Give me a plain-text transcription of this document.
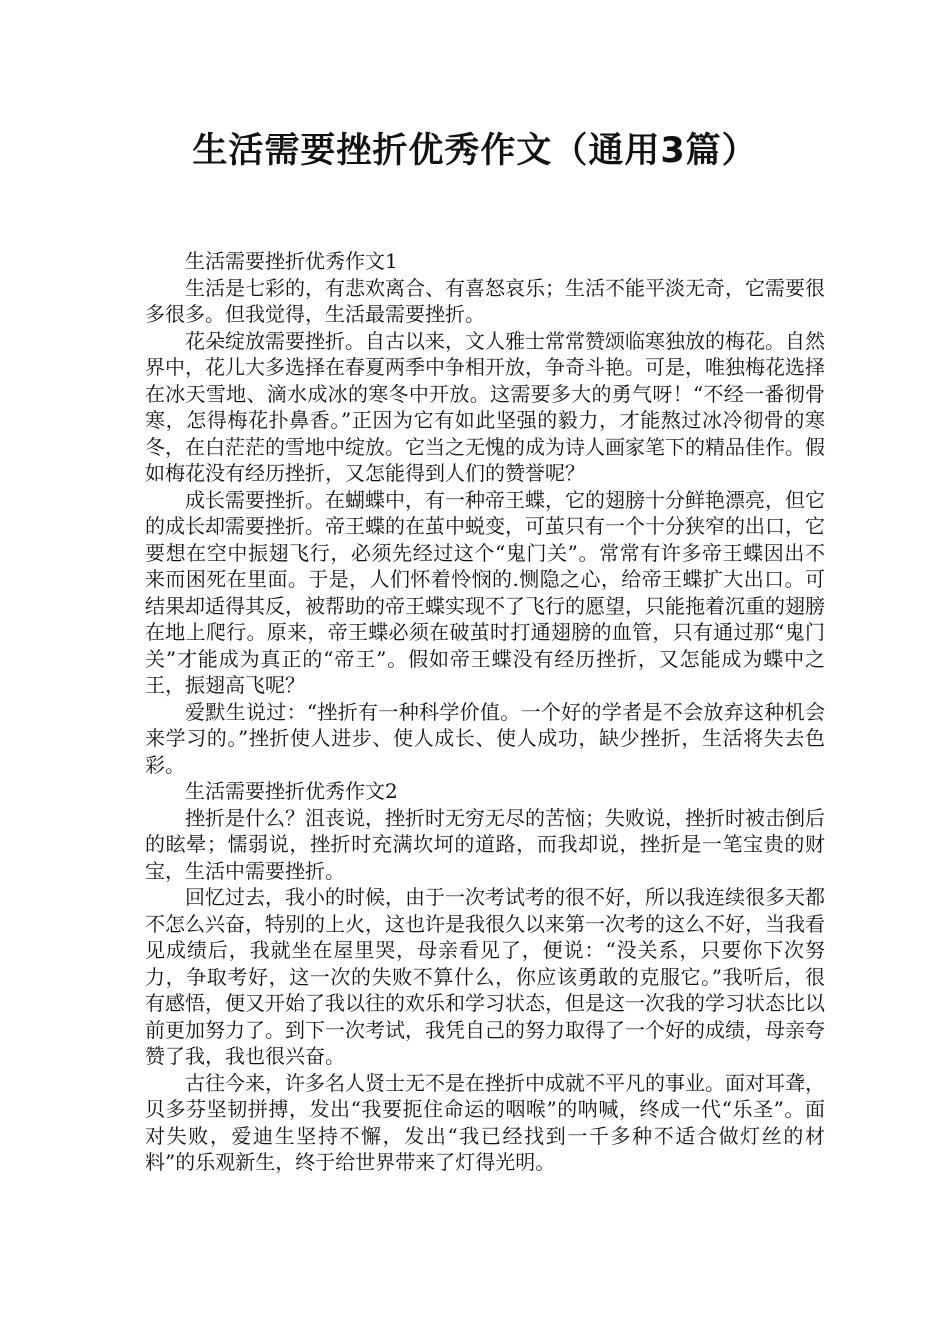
生活需要挫折优秀作文（通用3篇）

生活需要挫折优秀作文1

生活是七彩的，有悲欢离合、有喜怒哀乐；生活不能平淡无奇，它需要很多很多。但我觉得，生活最需要挫折。

花朵绽放需要挫折。自古以来，文人雅士常常赞颂临寒独放的梅花。自然界中，花儿大多选择在春夏两季中争相开放，争奇斗艳。可是，唯独梅花选择在冰天雪地、滴水成冰的寒冬中开放。这需要多大的勇气呀！“不经一番彻骨寒，怎得梅花扑鼻香。”正因为它有如此坚强的毅力，才能熬过冰冷彻骨的寒冬，在白茫茫的雪地中绽放。它当之无愧的成为诗人画家笔下的精品佳作。假如梅花没有经历挫折，又怎能得到人们的赞誉呢？

成长需要挫折。在蝴蝶中，有一种帝王蝶，它的翅膀十分鲜艳漂亮，但它的成长却需要挫折。帝王蝶的在茧中蜕变，可茧只有一个十分狭窄的出口，它要想在空中振翅飞行，必须先经过这个“鬼门关”。常常有许多帝王蝶因出不来而困死在里面。于是，人们怀着怜悯的.恻隐之心，给帝王蝶扩大出口。可结果却适得其反，被帮助的帝王蝶实现不了飞行的愿望，只能拖着沉重的翅膀在地上爬行。原来，帝王蝶必须在破茧时打通翅膀的血管，只有通过那“鬼门关”才能成为真正的“帝王”。假如帝王蝶没有经历挫折，又怎能成为蝶中之王，振翅高飞呢？

爱默生说过：“挫折有一种科学价值。一个好的学者是不会放弃这种机会来学习的。”挫折使人进步、使人成长、使人成功，缺少挫折，生活将失去色彩。

生活需要挫折优秀作文2

挫折是什么？沮丧说，挫折时无穷无尽的苦恼；失败说，挫折时被击倒后的眩晕；懦弱说，挫折时充满坎坷的道路，而我却说，挫折是一笔宝贵的财宝，生活中需要挫折。

回忆过去，我小的时候，由于一次考试考的很不好，所以我连续很多天都不怎么兴奋，特别的上火，这也许是我很久以来第一次考的这么不好，当我看见成绩后，我就坐在屋里哭，母亲看见了，便说：“没关系，只要你下次努力，争取考好，这一次的失败不算什么，你应该勇敢的克服它。”我听后，很有感悟，便又开始了我以往的欢乐和学习状态，但是这一次我的学习状态比以前更加努力了。到下一次考试，我凭自己的努力取得了一个好的成绩，母亲夸赞了我，我也很兴奋。

古往今来，许多名人贤士无不是在挫折中成就不平凡的事业。面对耳聋，贝多芬坚韧拼搏，发出“我要扼住命运的咽喉”的呐喊，终成一代“乐圣”。面对失败，爱迪生坚持不懈，发出“我已经找到一千多种不适合做灯丝的材料”的乐观新生，终于给世界带来了灯得光明。
